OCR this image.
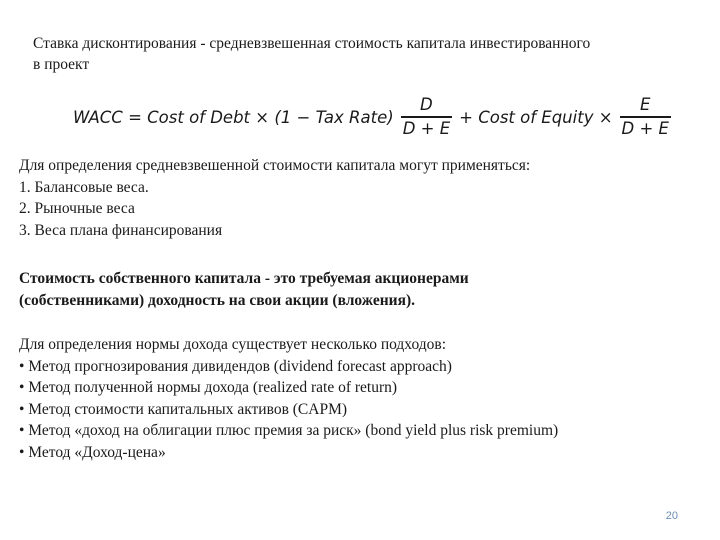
Ставка дисконтирования - средневзвешенная стоимость капитала инвестированного
в проект
WACC = Cost of Debt × (1 − Tax Rate) $\frac{D}{D + E}$ + Cost of Equity × $\frac{E}{D + E}$
Для определения средневзвешенной стоимости капитала могут применяться:
1. Балансовые веса.
2. Рыночные веса
3. Веса плана финансирования
Стоимость собственного капитала - это требуемая акционерами
(собственниками) доходность на свои акции (вложения).
Для определения нормы дохода существует несколько подходов:
• Метод прогнозирования дивидендов (dividend forecast approach)
• Метод полученной нормы дохода (realized rate of return)
• Метод стоимости капитальных активов (CAPM)
• Метод «доход на облигации плюс премия за риск» (bond yield plus risk premium)
• Метод «Доход-цена»
20
